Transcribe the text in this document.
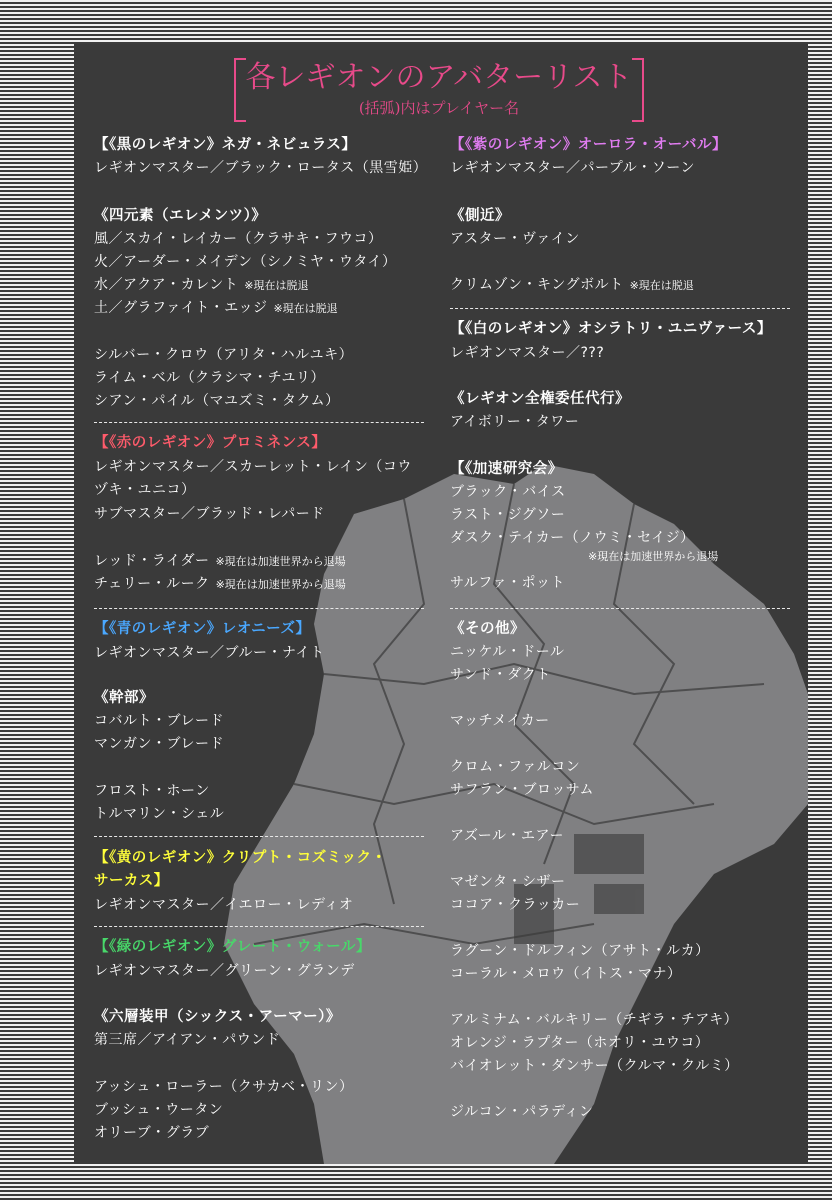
各レギオンのアバターリスト
(括弧)内はプレイヤー名
【《黒のレギオン》ネガ・ネビュラス】
レギオンマスター／ブラック・ロータス（黒雪姫）
《四元素（エレメンツ）》
風／スカイ・レイカー（クラサキ・フウコ）
火／アーダー・メイデン（シノミヤ・ウタイ）
水／アクア・カレント ※現在は脱退
土／グラファイト・エッジ ※現在は脱退
シルバー・クロウ（アリタ・ハルユキ）
ライム・ベル（クラシマ・チユリ）
シアン・パイル（マユズミ・タクム）
【《赤のレギオン》プロミネンス】
レギオンマスター／スカーレット・レイン（コウ
ヅキ・ユニコ）
サブマスター／ブラッド・レパード
レッド・ライダー ※現在は加速世界から退場
チェリー・ルーク ※現在は加速世界から退場
【《青のレギオン》レオニーズ】
レギオンマスター／ブルー・ナイト
《幹部》
コバルト・ブレード
マンガン・ブレード
フロスト・ホーン
トルマリン・シェル
【《黄のレギオン》クリプト・コズミック・
サーカス】
レギオンマスター／イエロー・レディオ
【《緑のレギオン》グレート・ウォール】
レギオンマスター／グリーン・グランデ
《六層装甲（シックス・アーマー）》
第三席／アイアン・パウンド
アッシュ・ローラー（クサカベ・リン）
ブッシュ・ウータン
オリーブ・グラブ
【《紫のレギオン》オーロラ・オーバル】
レギオンマスター／パープル・ソーン
《側近》
アスター・ヴァイン
クリムゾン・キングボルト ※現在は脱退
【《白のレギオン》オシラトリ・ユニヴァース】
レギオンマスター／???
《レギオン全権委任代行》
アイボリー・タワー
【《加速研究会》
ブラック・バイス
ラスト・ジグソー
ダスク・テイカー（ノウミ・セイジ）
※現在は加速世界から退場
サルファ・ポット
《その他》
ニッケル・ドール
サンド・ダクト
マッチメイカー
クロム・ファルコン
サフラン・ブロッサム
アズール・エアー
マゼンタ・シザー
ココア・クラッカー
ラグーン・ドルフィン（アサト・ルカ）
コーラル・メロウ（イトス・マナ）
アルミナム・バルキリー（チギラ・チアキ）
オレンジ・ラプター（ホオリ・ユウコ）
バイオレット・ダンサー（クルマ・クルミ）
ジルコン・パラディン
